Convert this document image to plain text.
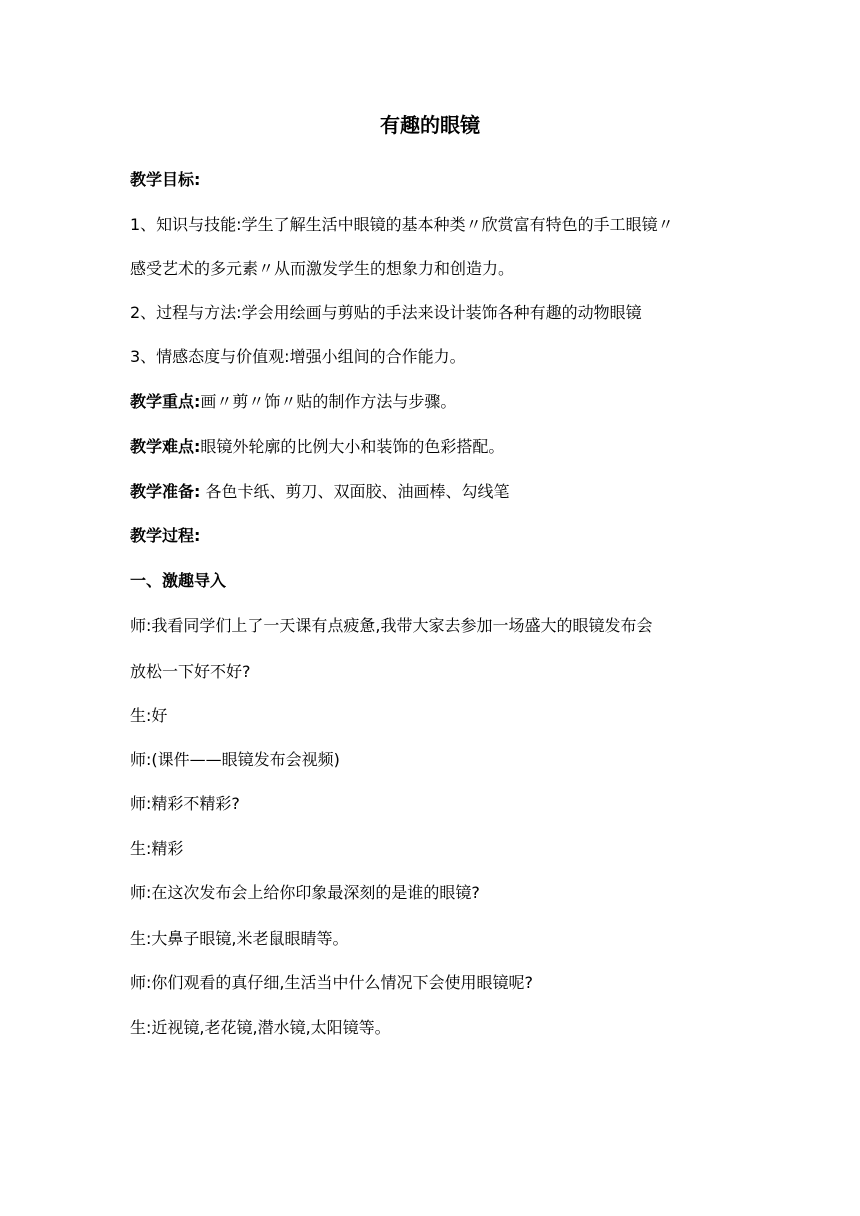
有趣的眼镜
教学目标:
1、知识与技能:学生了解生活中眼镜的基本种类〃欣赏富有特色的手工眼镜〃
感受艺术的多元素〃从而激发学生的想象力和创造力。
2、过程与方法:学会用绘画与剪贴的手法来设计装饰各种有趣的动物眼镜
3、情感态度与价值观:增强小组间的合作能力。
教学重点:画〃剪〃饰〃贴的制作方法与步骤。
教学难点:眼镜外轮廓的比例大小和装饰的色彩搭配。
教学准备: 各色卡纸、剪刀、双面胶、油画棒、勾线笔
教学过程:
一、激趣导入
师:我看同学们上了一天课有点疲惫,我带大家去参加一场盛大的眼镜发布会
放松一下好不好?
生:好
师:(课件——眼镜发布会视频)
师:精彩不精彩?
生:精彩
师:在这次发布会上给你印象最深刻的是谁的眼镜?
生:大鼻子眼镜,米老鼠眼睛等。
师:你们观看的真仔细,生活当中什么情况下会使用眼镜呢?
生:近视镜,老花镜,潜水镜,太阳镜等。
